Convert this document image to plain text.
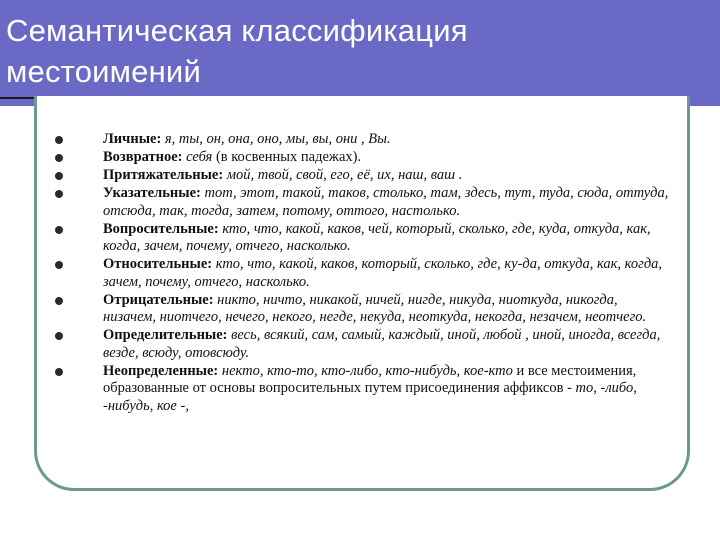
Семантическая классификация
местоимений
Личные: я, ты, он, она, оно, мы, вы, они , Вы.
Возвратное: себя (в косвенных падежах).
Притяжательные: мой, твой, свой, его, её, их, наш, ваш .
Указательные: тот, этот, такой, таков, столько, там, здесь, тут, туда, сюда, оттуда, отсюда, так, тогда, затем, потому, оттого, настолько.
Вопросительные: кто, что, какой, каков, чей, который, сколько, где, куда, откуда, как, когда, зачем, почему, отчего, насколько.
Относительные: кто, что, какой, каков, который, сколько, где, ку-да, откуда, как, когда, зачем, почему, отчего, насколько.
Отрицательные: никто, ничто, никакой, ничей, нигде, никуда, ниоткуда, никогда, низачем, ниотчего, нечего, некого, негде, некуда, неоткуда, некогда, незачем, неотчего.
Определительные: весь, всякий, сам, самый, каждый, иной, любой , иной, иногда, всегда, везде, всюду, отовсюду.
Неопределенные: некто, кто-то, кто-либо, кто-нибудь, кое-кто и все местоимения, образованные от основы вопросительных путем присоединения аффиксов - то, -либо, -нибудь, кое -,
